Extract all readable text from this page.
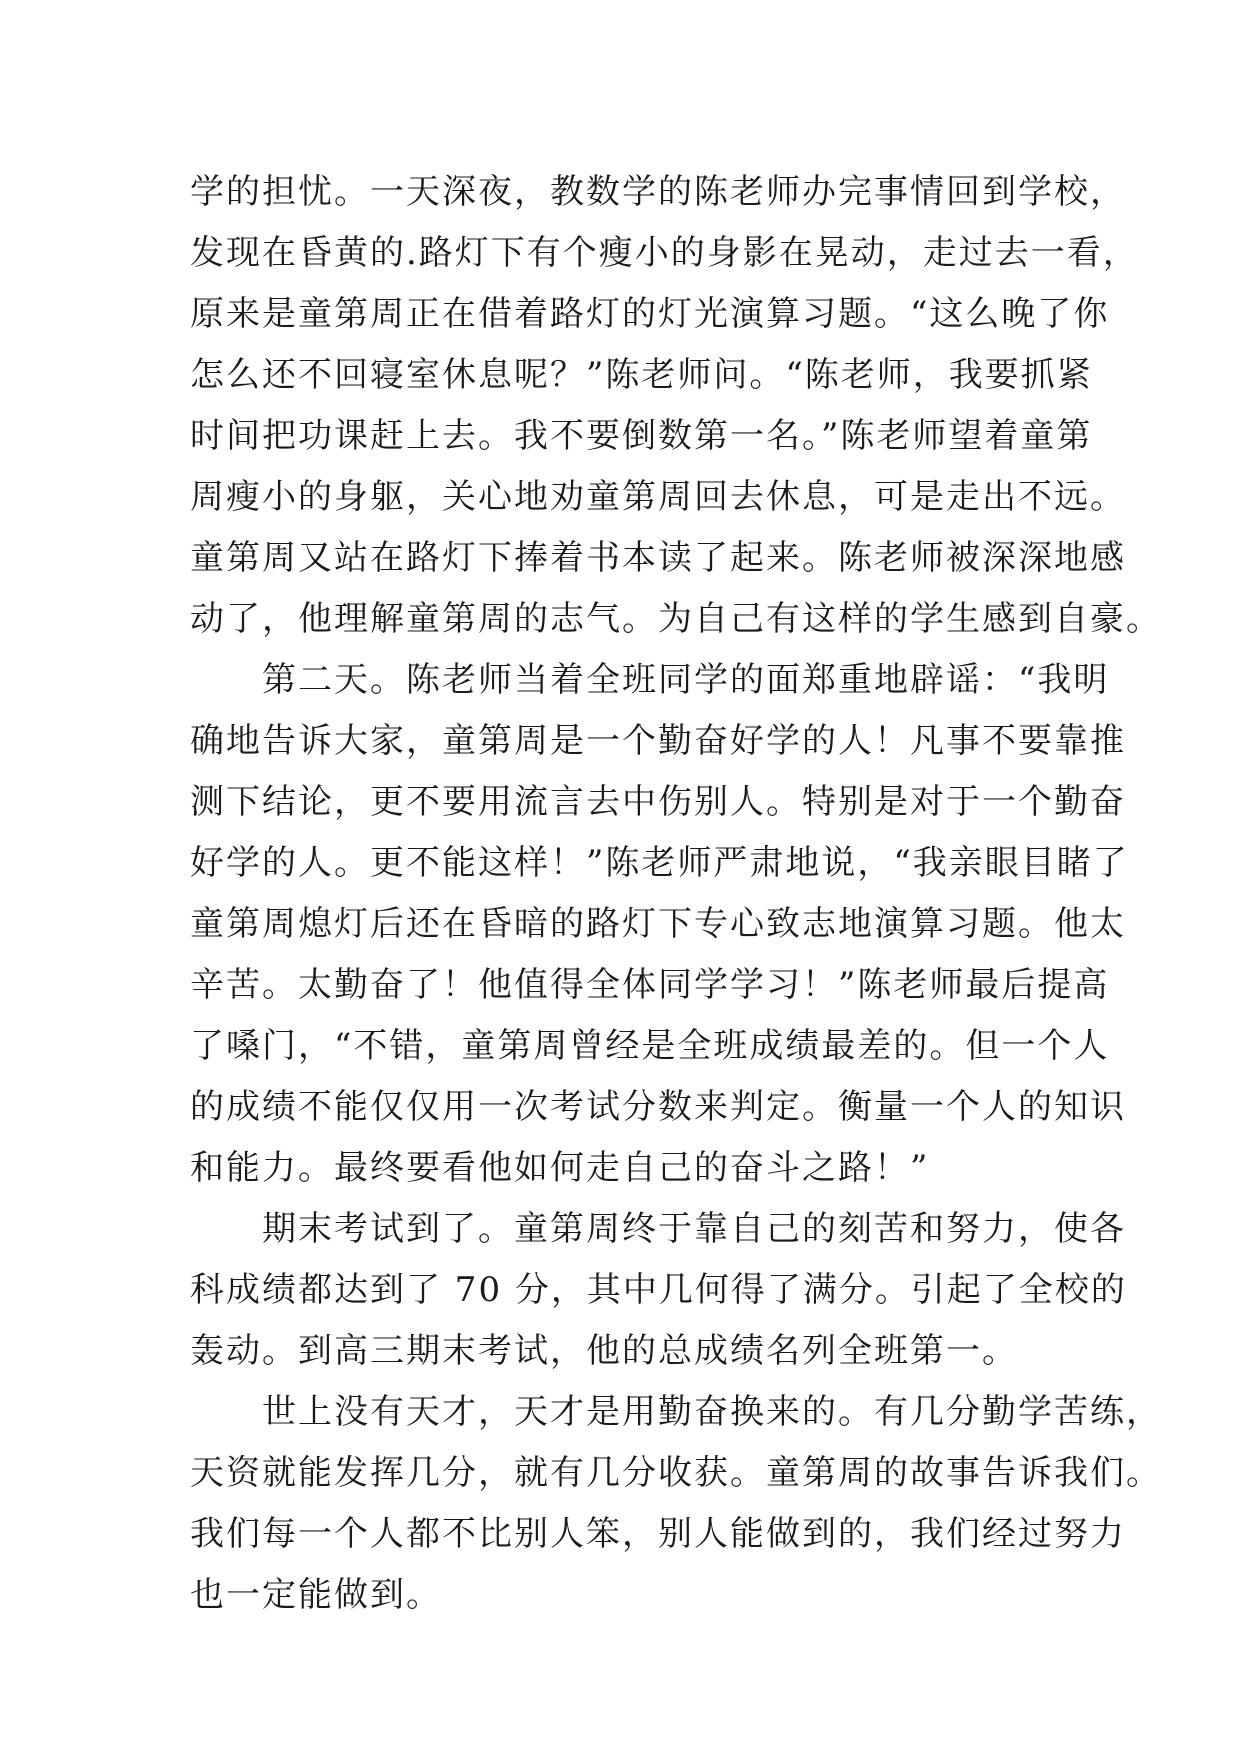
学的担忧。一天深夜，教数学的陈老师办完事情回到学校，
发现在昏黄的.路灯下有个瘦小的身影在晃动，走过去一看，
原来是童第周正在借着路灯的灯光演算习题。“这么晚了你
怎么还不回寝室休息呢？”陈老师问。“陈老师，我要抓紧
时间把功课赶上去。我不要倒数第一名。”陈老师望着童第
周瘦小的身躯，关心地劝童第周回去休息，可是走出不远。
童第周又站在路灯下捧着书本读了起来。陈老师被深深地感
动了，他理解童第周的志气。为自己有这样的学生感到自豪。
　　第二天。陈老师当着全班同学的面郑重地辟谣：“我明
确地告诉大家，童第周是一个勤奋好学的人！凡事不要靠推
测下结论，更不要用流言去中伤别人。特别是对于一个勤奋
好学的人。更不能这样！”陈老师严肃地说，“我亲眼目睹了
童第周熄灯后还在昏暗的路灯下专心致志地演算习题。他太
辛苦。太勤奋了！他值得全体同学学习！”陈老师最后提高
了嗓门，“不错，童第周曾经是全班成绩最差的。但一个人
的成绩不能仅仅用一次考试分数来判定。衡量一个人的知识
和能力。最终要看他如何走自己的奋斗之路！”
　　期末考试到了。童第周终于靠自己的刻苦和努力，使各
科成绩都达到了 70 分，其中几何得了满分。引起了全校的
轰动。到高三期末考试，他的总成绩名列全班第一。
　　世上没有天才，天才是用勤奋换来的。有几分勤学苦练，
天资就能发挥几分，就有几分收获。童第周的故事告诉我们。
我们每一个人都不比别人笨，别人能做到的，我们经过努力
也一定能做到。
